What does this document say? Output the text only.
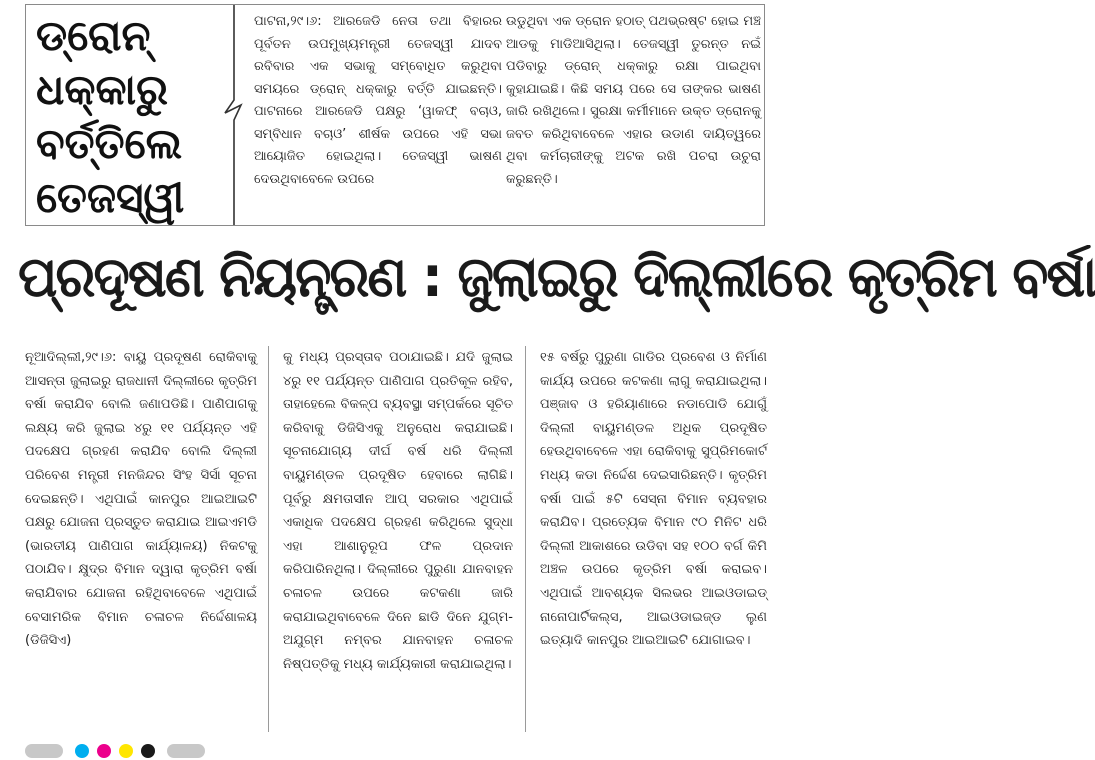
ଡ୍ରୋନ୍
ଧକ୍କାରୁ
ବର୍ତ୍ତିଲେ
ତେଜସ୍ୱୀ

ପାଟନା,୨୯।୬: ଆରଜେଡି ନେତା ତଥା ବିହାରର ପୂର୍ବତନ ଉପମୁଖ୍ୟମନ୍ତ୍ରୀ ତେଜସ୍ୱୀ ଯାଦବ ରବିବାର ଏକ ସଭାକୁ ସମ୍ବୋଧିତ କରୁଥିବା ସମୟରେ ଡ୍ରୋନ୍ ଧକ୍କାରୁ ବର୍ତ୍ତି ଯାଇଛନ୍ତି। ପାଟନାରେ ଆରଜେଡି ପକ୍ଷରୁ ‘ୱାକଫ୍ ବଚାଓ, ସମ୍ବିଧାନ ବଚାଓ’ ଶୀର୍ଷକ ଉପରେ ଏହି ସଭା ଆୟୋଜିତ ହୋଇଥିଲା। ତେଜସ୍ୱୀ ଭାଷଣ ଦେଉଥିବାବେଳେ ଉପରେ

ଉଡୁଥିବା ଏକ ଡ୍ରୋନ ହଠାତ୍ ପଥଭ୍ରଷ୍ଟ ହୋଇ ମଞ୍ଚ ଆଡକୁ ମାଡିଆସିଥିଲା। ତେଜସ୍ୱୀ ତୁରନ୍ତ ନଇଁ ପଡିବାରୁ ଡ୍ରୋନ୍ ଧକ୍କାରୁ ରକ୍ଷା ପାଇଥିବା କୁହାଯାଇଛି। କିଛି ସମୟ ପରେ ସେ ତାଙ୍କର ଭାଷଣ ଜାରି ରଖିଥିଲେ। ସୁରକ୍ଷା କର୍ମୀମାନେ ଉକ୍ତ ଡ୍ରୋନକୁ ଜବତ କରିଥିବାବେଳେ ଏହାର ଉଡାଣ ଦାୟିତ୍ୱରେ ଥିବା କର୍ମଚାରୀଙ୍କୁ ଅଟକ ରଖି ପଚରା ଉଚୁରା କରୁଛନ୍ତି।

ପ୍ରଦୂଷଣ ନିୟନ୍ତ୍ରଣ : ଜୁଲାଇରୁ ଦିଲ୍ଲୀରେ କୃତ୍ରିମ ବର୍ଷା

ନୂଆଦିଲ୍ଲୀ,୨୯।୬: ବାୟୁ ପ୍ରଦୂଷଣ ରୋକିବାକୁ ଆସନ୍ତା ଜୁଲାଇରୁ ରାଜଧାନୀ ଦିଲ୍ଲୀରେ କୃତ୍ରିମ ବର୍ଷା କରାଯିବ ବୋଲି ଜଣାପଡିଛି। ପାଣିପାଗକୁ ଲକ୍ଷ୍ୟ କରି ଜୁଲାଇ ୪ରୁ ୧୧ ପର୍ଯ୍ୟନ୍ତ ଏହି ପଦକ୍ଷେପ ଗ୍ରହଣ କରାଯିବ ବୋଲି ଦିଲ୍ଲୀ ପରିବେଶ ମନ୍ତ୍ରୀ ମନଜିନ୍ଦର ସିଂହ ସିର୍ସା ସୂଚନା ଦେଇଛନ୍ତି। ଏଥିପାଇଁ କାନପୁର ଆଇଆଇଟି ପକ୍ଷରୁ ଯୋଜନା ପ୍ରସ୍ତୁତ କରାଯାଇ ଆଇଏମଡି (ଭାରତୀୟ ପାଣିପାଗ କାର୍ଯ୍ୟାଳୟ) ନିକଟକୁ ପଠାଯିବ। କ୍ଷୁଦ୍ର ବିମାନ ଦ୍ୱାରା କୃତ୍ରିମ ବର୍ଷା କରାଯିବାର ଯୋଜନା ରହିଥିବାବେଳେ ଏଥିପାଇଁ ବେସାମରିକ ବିମାନ ଚଳାଚଳ ନିର୍ଦ୍ଦେଶାଳୟ (ଡିଜିସିଏ)

କୁ ମଧ୍ୟ ପ୍ରସ୍ତାବ ପଠାଯାଇଛି। ଯଦି ଜୁଲାଇ ୪ରୁ ୧୧ ପର୍ଯ୍ୟନ୍ତ ପାଣିପାଗ ପ୍ରତିକୂଳ ରହିବ, ତାହାହେଲେ ବିକଳ୍ପ ବ୍ୟବସ୍ଥା ସମ୍ପର୍କରେ ସୂଚିତ କରିବାକୁ ଡିଜିସିଏକୁ ଅନୁରୋଧ କରାଯାଇଛି। ସୂଚନାଯୋଗ୍ୟ ଦୀର୍ଘ ବର୍ଷ ଧରି ଦିଲ୍ଲୀ ବାୟୁମଣ୍ଡଳ ପ୍ରଦୂଷିତ ହେବାରେ ଲାଗିଛି। ପୂର୍ବରୁ କ୍ଷମତାସୀନ ଆପ୍ ସରକାର ଏଥିପାଇଁ ଏକାଧିକ ପଦକ୍ଷେପ ଗ୍ରହଣ କରିଥିଲେ ସୁଦ୍ଧା ଏହା ଆଶାନୁରୂପ ଫଳ ପ୍ରଦାନ କରିପାରିନଥିଲା। ଦିଲ୍ଲୀରେ ପୁରୁଣା ଯାନବାହନ ଚଳାଚଳ ଉପରେ କଟକଣା ଜାରି କରାଯାଇଥିବାବେଳେ ଦିନେ ଛାଡି ଦିନେ ଯୁଗ୍ମ-ଅଯୁଗ୍ମ ନମ୍ବର ଯାନବାହନ ଚଳାଚଳ ନିଷ୍ପତ୍ତିକୁ ମଧ୍ୟ କାର୍ଯ୍ୟକାରୀ କରାଯାଇଥିଲା।

୧୫ ବର୍ଷରୁ ପୁରୁଣା ଗାଡିର ପ୍ରବେଶ ଓ ନିର୍ମାଣ କାର୍ଯ୍ୟ ଉପରେ କଟକଣା ଲାଗୁ କରାଯାଇଥିଲା। ପଞ୍ଜାବ ଓ ହରିୟାଣାରେ ନଡାପୋଡି ଯୋଗୁଁ ଦିଲ୍ଲୀ ବାୟୁମଣ୍ଡଳ ଅଧିକ ପ୍ରଦୂଷିତ ହେଉଥିବାବେଳେ ଏହା ରୋକିବାକୁ ସୁପ୍ରିମକୋର୍ଟ ମଧ୍ୟ କଡା ନିର୍ଦ୍ଦେଶ ଦେଇସାରିଛନ୍ତି। କୃତ୍ରିମ ବର୍ଷା ପାଇଁ ୫ଟି ସେସ୍ନା ବିମାନ ବ୍ୟବହାର କରାଯିବ। ପ୍ରତ୍ୟେକ ବିମାନ ୯୦ ମିନିଟ ଧରି ଦିଲ୍ଲୀ ଆକାଶରେ ଉଡିବା ସହ ୧୦୦ ବର୍ଗ କିମି ଅଞ୍ଚଳ ଉପରେ କୃତ୍ରିମ ବର୍ଷା କରାଇବ। ଏଥିପାଇଁ ଆବଶ୍ୟକ ସିଲଭର ଆଇଓଡାଇଡ୍ ନାନୋପାର୍ଟିକଲ୍ସ, ଆଇଓଡାଇଜ୍ଡ ଲୁଣ ଇତ୍ୟାଦି କାନପୁର ଆଇଆଇଟି ଯୋଗାଇବ।
